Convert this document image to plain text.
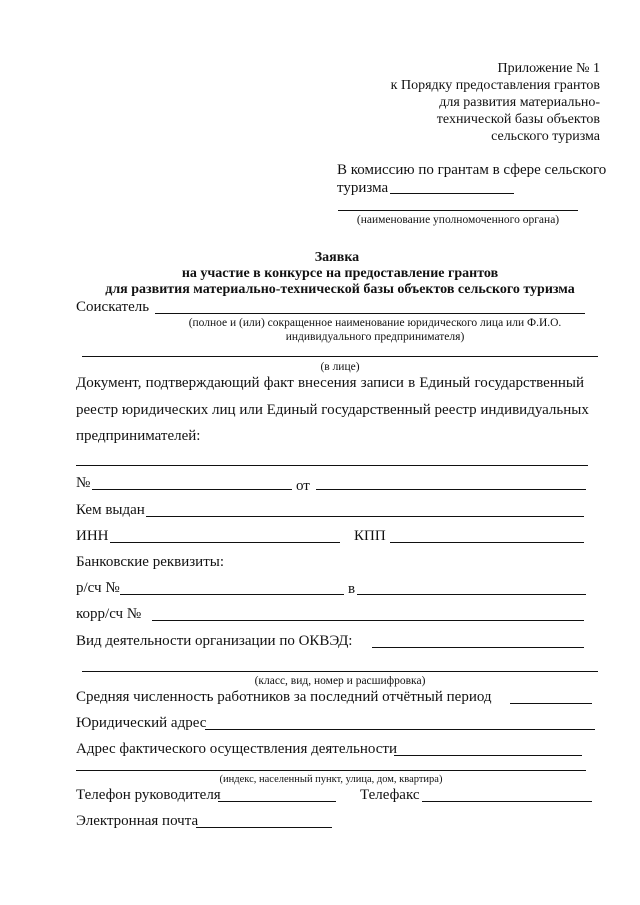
Приложение № 1
к Порядку предоставления грантов
для развития материально-
технической базы объектов
сельского туризма
В комиссию по грантам в сфере сельского
туризма
(наименование уполномоченного органа)
Заявка
на участие в конкурсе на предоставление грантов
для развития материально-технической базы объектов сельского туризма
Соискатель
(полное и (или) сокращенное наименование юридического лица или Ф.И.О.
индивидуального предпринимателя)
(в лице)
Документ, подтверждающий факт внесения записи в Единый государственный
реестр юридических лиц или Единый государственный реестр индивидуальных
предпринимателей:
№	от
Кем выдан
ИНН	КПП
Банковские реквизиты:
р/сч №	в
корр/сч №
Вид деятельности организации по ОКВЭД:
(класс, вид, номер и расшифровка)
Средняя численность работников за последний отчётный период
Юридический адрес
Адрес фактического осуществления деятельности
(индекс, населенный пункт, улица, дом, квартира)
Телефон руководителя	Телефакс
Электронная почта
